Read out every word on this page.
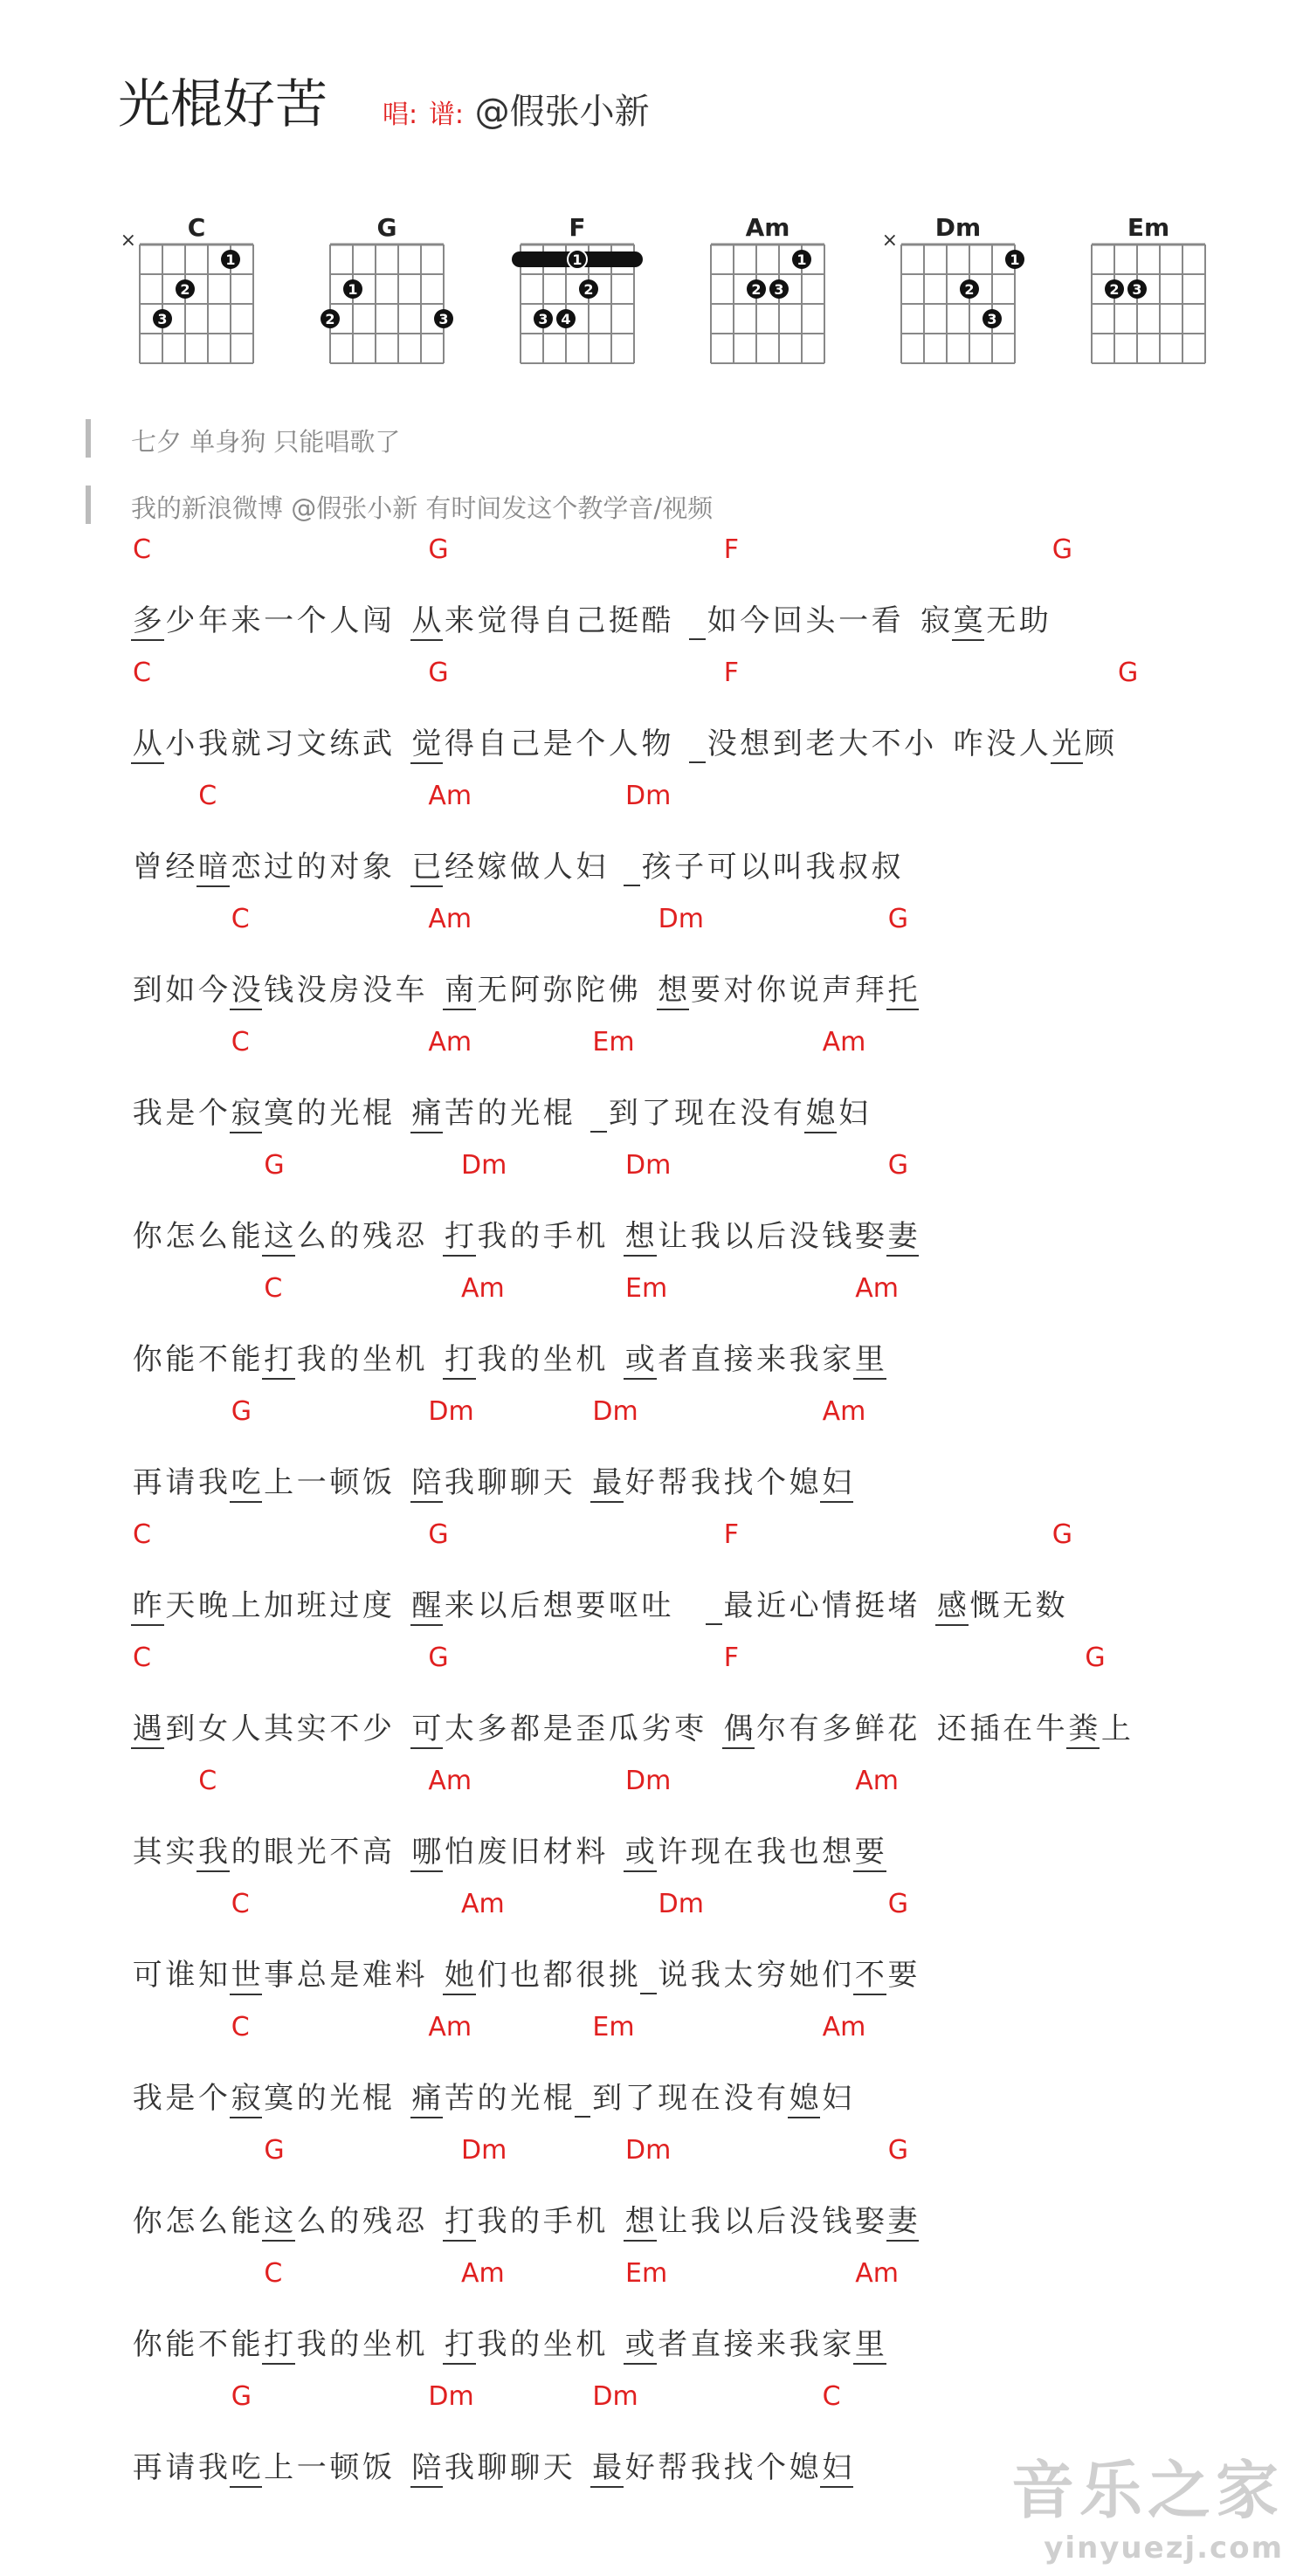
光棍好苦 唱: 谱: @假张小新
C
×
1
2
3
G
1
2	3
F
1
2
3 4
Am
1
2 3
Dm
×
1
2
3
Em
2 3
七夕 单身狗 只能唱歌了
我的新浪微博 @假张小新 有时间发这个教学音/视频
C	G	F	G
多 少 年 来 一 个 人 闯 从 来 觉 得 自 己 挺 酷 如 今 回 头 一 看 寂 寞 无 助
C	G	F	G
从 小 我 就 习 文 练 武 觉 得 自 己 是 个 人 物 没 想 到 老 大 不 小 咋 没 人 光 顾
C	Am	Dm
曾 经 暗 恋 过 的 对 象 已 经 嫁 做 人 妇 孩 子 可 以 叫 我 叔 叔
C	Am	Dm	G
到 如 今 没 钱 没 房 没 车 南 无 阿 弥 陀 佛 想 要 对 你 说 声 拜 托
C	Am	Em	Am
我 是 个 寂 寞 的 光 棍 痛 苦 的 光 棍 到 了 现 在 没 有 媳 妇
G	Dm	Dm	G
你 怎 么 能 这 么 的 残 忍 打 我 的 手 机 想 让 我 以 后 没 钱 娶 妻
C	Am	Em	Am
你 能 不 能 打 我 的 坐 机 打 我 的 坐 机 或 者 直 接 来 我 家 里
G	Dm	Dm	Am
再 请 我 吃 上 一 顿 饭 陪 我 聊 聊 天 最 好 帮 我 找 个 媳 妇
C	G	F	G
昨 天 晚 上 加 班 过 度 醒 来 以 后 想 要 呕 吐 最 近 心 情 挺 堵 感 慨 无 数
C	G	F	G
遇 到 女 人 其 实 不 少 可 太 多 都 是 歪 瓜 劣 枣 偶 尔 有 多 鲜 花 还 插 在 牛 粪 上
C	Am	Dm	Am
其 实 我 的 眼 光 不 高 哪 怕 废 旧 材 料 或 许 现 在 我 也 想 要
C	Am	Dm	G
可 谁 知 世 事 总 是 难 料 她 们 也 都 很 挑 说 我 太 穷 她 们 不 要
C	Am	Em	Am
我 是 个 寂 寞 的 光 棍 痛 苦 的 光 棍 到 了 现 在 没 有 媳 妇
G	Dm	Dm	G
你 怎 么 能 这 么 的 残 忍 打 我 的 手 机 想 让 我 以 后 没 钱 娶 妻
C	Am	Em	Am
你 能 不 能 打 我 的 坐 机 打 我 的 坐 机 或 者 直 接 来 我 家 里
G	Dm	Dm	C
再 请 我 吃 上 一 顿 饭 陪 我 聊 聊 天 最 好 帮 我 找 个 媳 妇	音乐之家
yinyuezj.com
